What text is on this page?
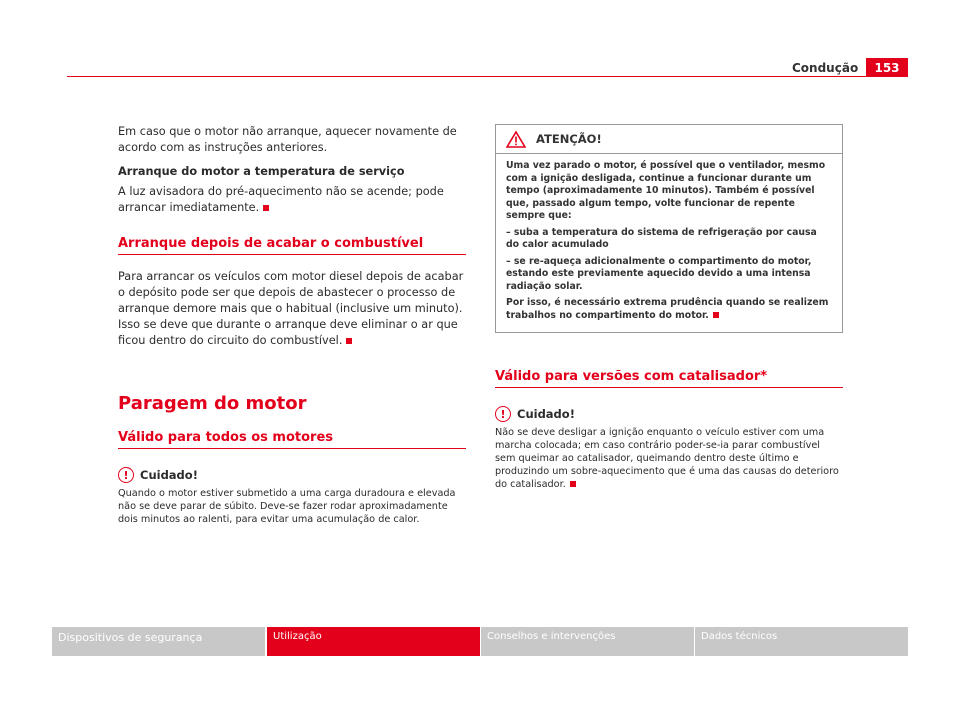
Condução	153

Em caso que o motor não arranque, aquecer novamente de acordo com as instruções anteriores.

Arranque do motor a temperatura de serviço

A luz avisadora do pré-aquecimento não se acende; pode arrancar imediatamente.

Arranque depois de acabar o combustível

Para arrancar os veículos com motor diesel depois de acabar o depósito pode ser que depois de abastecer o processo de arranque demore mais que o habitual (inclusive um minuto). Isso se deve que durante o arranque deve eliminar o ar que ficou dentro do circuito do combustível.

Paragem do motor
Válido para todos os motores
! Cuidado!

Quando o motor estiver submetido a uma carga duradoura e elevada não se deve parar de súbito. Deve-se fazer rodar aproximadamente dois minutos ao ralenti, para evitar uma acumulação de calor.

ATENÇÃO!

Uma vez parado o motor, é possível que o ventilador, mesmo com a ignição desligada, continue a funcionar durante um tempo (aproximadamente 10 minutos). Também é possível que, passado algum tempo, volte funcionar de repente sempre que:

– suba a temperatura do sistema de refrigeração por causa do calor acumulado

– se re-aqueça adicionalmente o compartimento do motor, estando este previamente aquecido devido a uma intensa radiação solar.

Por isso, é necessário extrema prudência quando se realizem trabalhos no compartimento do motor.

Válido para versões com catalisador*
! Cuidado!

Não se deve desligar a ignição enquanto o veículo estiver com uma marcha colocada; em caso contrário poder-se-ia parar combustível sem queimar ao catalisador, queimando dentro deste último e produzindo um sobre-aquecimento que é uma das causas do deterioro do catalisador.

Dispositivos de segurança	Utilização	Conselhos e intervenções	Dados técnicos
